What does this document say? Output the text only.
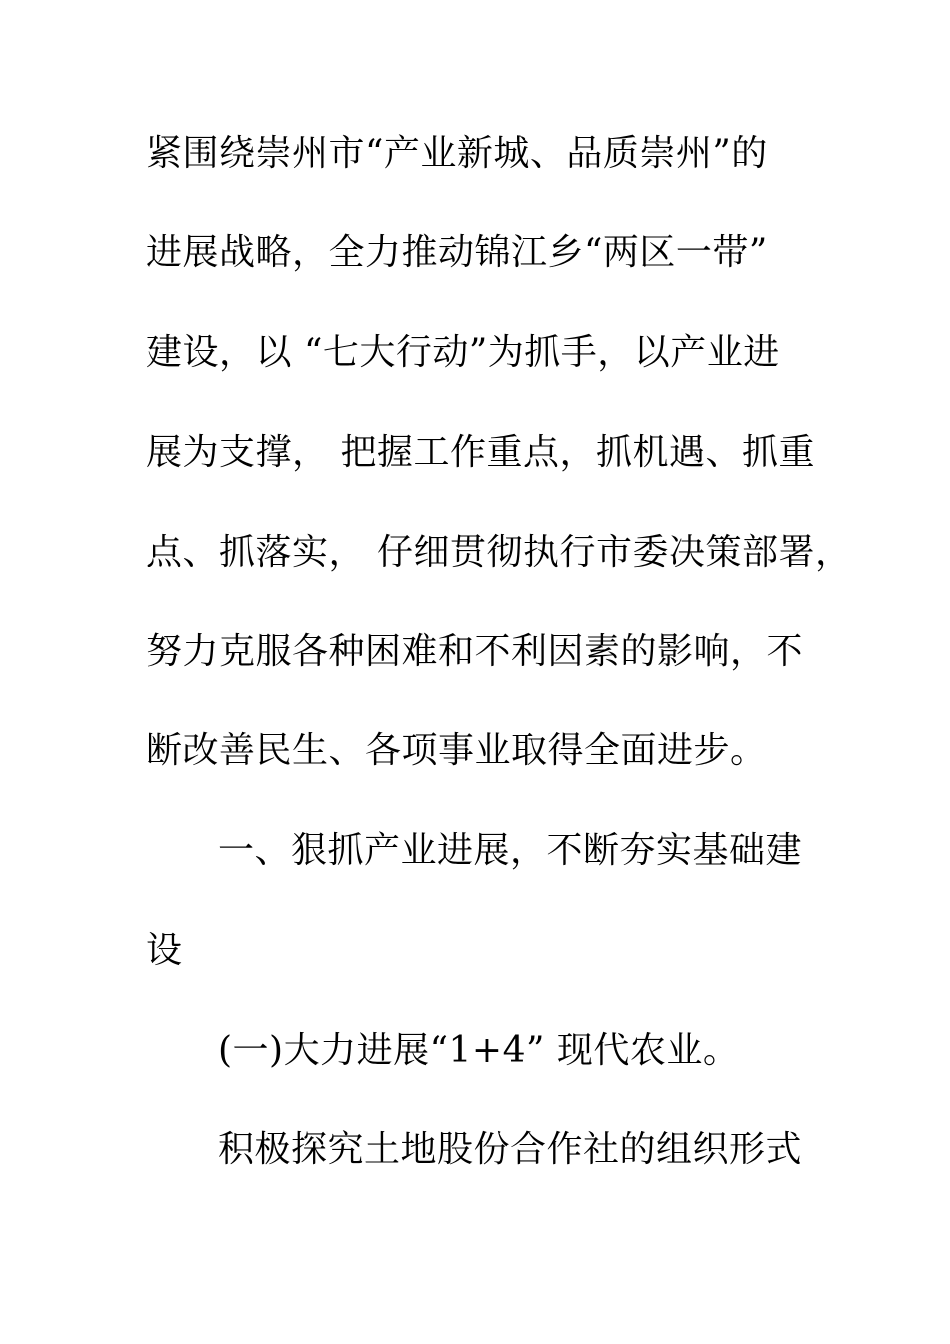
紧围绕崇州市“产业新城、品质崇州”的
进展战略，全力推动锦江乡“两区一带”
建设，以 “七大行动”为抓手，以产业进
展为支撑， 把握工作重点，抓机遇、抓重
点、抓落实， 仔细贯彻执行市委决策部署，
努力克服各种困难和不利因素的影响，不
断改善民生、各项事业取得全面进步。
一、狠抓产业进展，不断夯实基础建
设
(一)大力进展“1+4” 现代农业。
积极探究土地股份合作社的组织形式
